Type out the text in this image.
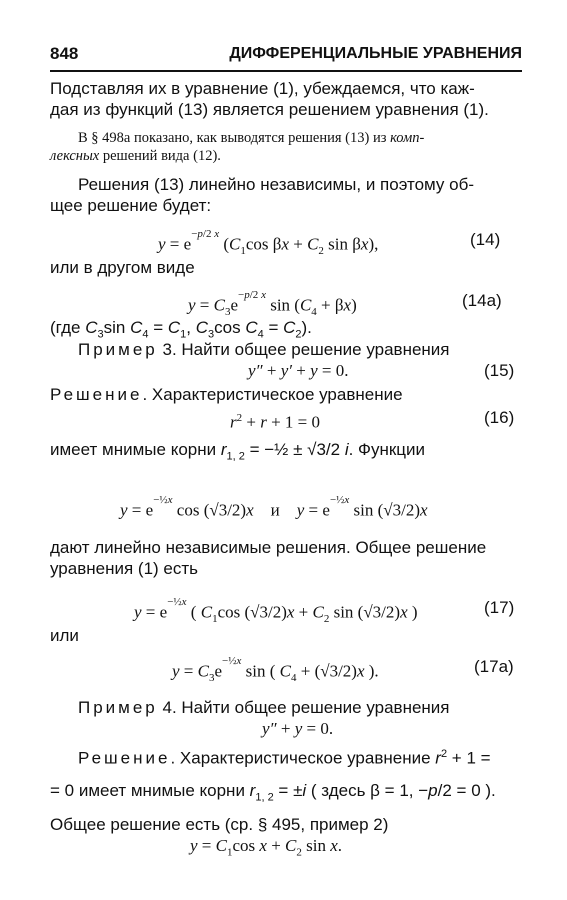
848	ДИФФЕРЕНЦИАЛЬНЫЕ УРАВНЕНИЯ
Подставляя их в уравнение (1), убеждаемся, что каж-
дая из функций (13) является решением уравнения (1).
В § 498а показано, как выводятся решения (13) из комп-
лексных решений вида (12).
Решения (13) линейно независимы, и поэтому об-
щее решение будет:
$y = e^{-p/2 x}$ ($C_1\cos$ $\beta x + C_2$ sin βx),	(14)
или в другом виде
$y = C_3e^{-p/2 x}$ $\sin (C_4 + \beta x)$	(14а)
(где $C_3\sin$ $C_4 = C_1$, $C_3\cos$ $C_4 = C_2$).
Пример 3. Найти общее решение уравнения
y″ + y′ + y = 0.	(15)
Решение. Характеристическое уравнение
$r^2 + r + 1 = 0$	(16)
имеет мнимые корни $r_{1, 2}$ = −½ ± √3/2 i. Функции
$y = e^{-\frac{1}{2}x}$ cos (√3/2)x    и    $y = e^{-\frac{1}{2}x}$ sin (√3/2)x
дают линейно независимые решения. Общее решение
уравнения (1) есть
$y = e^{-\frac{1}{2}x}$ ( $C_1\cos$ $(√3/2)x + C_2$ sin (√3/2)x )	(17)
или
$y = C_3e^{-\frac{1}{2}x}$ sin ( $C_4 + (√3/2)x$ ).	(17а)
Пример 4. Найти общее решение уравнения
y″ + y = 0.
Решение. Характеристическое уравнение $r^2 + 1$ =
= 0 имеет мнимые корни $r_{1, 2} = \pm i$ ( здесь β = 1, −p/2 = 0 ).
Общее решение есть (ср. § 495, пример 2)
$y = C_1\cos$ $x + C_2$ sin x.
